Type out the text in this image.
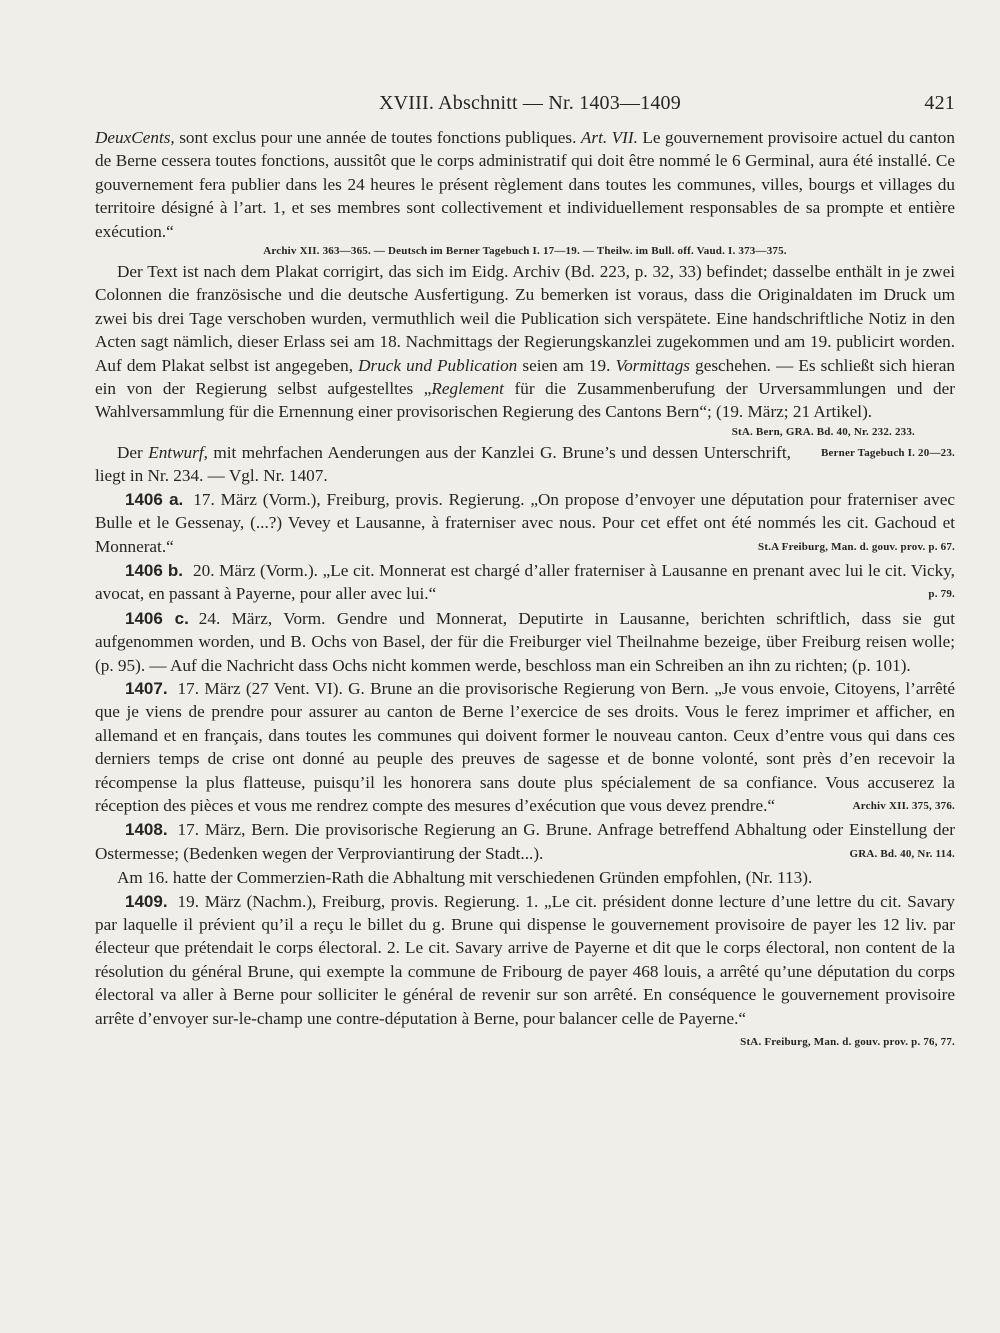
XVIII. Abschnitt — Nr. 1403—1409	421

DeuxCents, sont exclus pour une année de toutes fonctions publiques. Art. VII. Le gouvernement provisoire actuel du canton de Berne cessera toutes fonctions, aussitôt que le corps administratif qui doit être nommé le 6 Germinal, aura été installé. Ce gouvernement fera publier dans les 24 heures le présent règlement dans toutes les communes, villes, bourgs et villages du territoire désigné à l’art. 1, et ses membres sont collectivement et individuellement responsables de sa prompte et entière exécution.“

Archiv XII. 363—365. — Deutsch im Berner Tagebuch I. 17—19. — Theilw. im Bull. off. Vaud. I. 373—375.

Der Text ist nach dem Plakat corrigirt, das sich im Eidg. Archiv (Bd. 223, p. 32, 33) befindet; dasselbe enthält in je zwei Colonnen die französische und die deutsche Ausfertigung. Zu bemerken ist voraus, dass die Originaldaten im Druck um zwei bis drei Tage verschoben wurden, vermuthlich weil die Publication sich verspätete. Eine handschriftliche Notiz in den Acten sagt nämlich, dieser Erlass sei am 18. Nachmittags der Regierungskanzlei zugekommen und am 19. publicirt worden. Auf dem Plakat selbst ist angegeben, Druck und Publication seien am 19. Vormittags geschehen. — Es schließt sich hieran ein von der Regierung selbst aufgestelltes „Reglement für die Zusammenberufung der Urversammlungen und der Wahlversammlung für die Ernennung einer provisorischen Regierung des Cantons Bern“; (19. März; 21 Artikel).

StA. Bern, GRA. Bd. 40, Nr. 232. 233.

Der Entwurf,	Berner Tagebuch I. 20—23.
mit mehrfachen Aenderungen aus der Kanzlei G. Brune’s und dessen Unterschrift, liegt in Nr. 234. — Vgl. Nr. 1407.

1406 a. 17. März (Vorm.), Freiburg, provis. Regierung. „On propose d’envoyer une députation pour fraterniser avec Bulle et le Gessenay, (...?) Vevey et Lausanne, à fraterniser avec nous. Pour cet effet ont été nommés les cit. Gachoud et Monnerat.“	St.A Freiburg, Man. d. gouv. prov. p. 67.

1406 b. 20. März (Vorm.). „Le cit. Monnerat est chargé d’aller fraterniser à Lausanne en prenant avec lui le cit. Vicky, avocat, en passant à Payerne, pour aller avec lui.“	p. 79.

1406 c. 24. März, Vorm. Gendre und Monnerat, Deputirte in Lausanne, berichten schriftlich, dass sie gut aufgenommen worden, und B. Ochs von Basel, der für die Freiburger viel Theilnahme bezeige, über Freiburg reisen wolle; (p. 95). — Auf die Nachricht dass Ochs nicht kommen werde, beschloss man ein Schreiben an ihn zu richten; (p. 101).

1407. 17. März (27 Vent. VI). G. Brune an die provisorische Regierung von Bern. „Je vous envoie, Citoyens, l’arrêté que je viens de prendre pour assurer au canton de Berne l’exercice de ses droits. Vous le ferez imprimer et afficher, en allemand et en français, dans toutes les communes qui doivent former le nouveau canton. Ceux d’entre vous qui dans ces derniers temps de crise ont donné au peuple des preuves de sagesse et de bonne volonté, sont près d’en recevoir la récompense la plus flatteuse, puisqu’il les honorera sans doute plus spécialement de sa confiance. Vous accuserez la réception des pièces et vous me rendrez compte des mesures d’exécution que vous devez prendre.“	Archiv XII. 375, 376.

1408. 17. März, Bern. Die provisorische Regierung an G. Brune. Anfrage betreffend Abhaltung oder Einstellung der Ostermesse; (Bedenken wegen der Verproviantirung der Stadt...).	GRA. Bd. 40, Nr. 114.

Am 16. hatte der Commerzien-Rath die Abhaltung mit verschiedenen Gründen empfohlen, (Nr. 113).

1409. 19. März (Nachm.), Freiburg, provis. Regierung. 1. „Le cit. président donne lecture d’une lettre du cit. Savary par laquelle il prévient qu’il a reçu le billet du g. Brune qui dispense le gouvernement provisoire de payer les 12 liv. par électeur que prétendait le corps électoral. 2. Le cit. Savary arrive de Payerne et dit que le corps électoral, non content de la résolution du général Brune, qui exempte la commune de Fribourg de payer 468 louis, a arrêté qu’une députation du corps électoral va aller à Berne pour solliciter le général de revenir sur son arrêté. En conséquence le gouvernement provisoire arrête d’envoyer sur-le-champ une contre-députation à Berne, pour balancer celle de Payerne.“
StA. Freiburg, Man. d. gouv. prov. p. 76, 77.
